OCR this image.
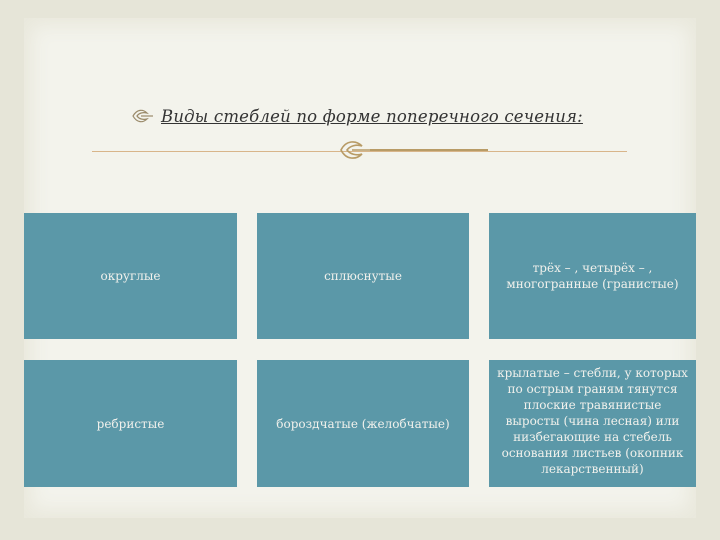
Виды стеблей по форме поперечного сечения:
округлые	сплюснутые
трёх – , четырёх – , многогранные (гранистые)
ребристые	бороздчатые (желобчатые)
крылатые – стебли, у которых по острым граням тянутся плоские травянистые выросты (чина лесная) или низбегающие на стебель основания листьев (окопник лекарственный)
